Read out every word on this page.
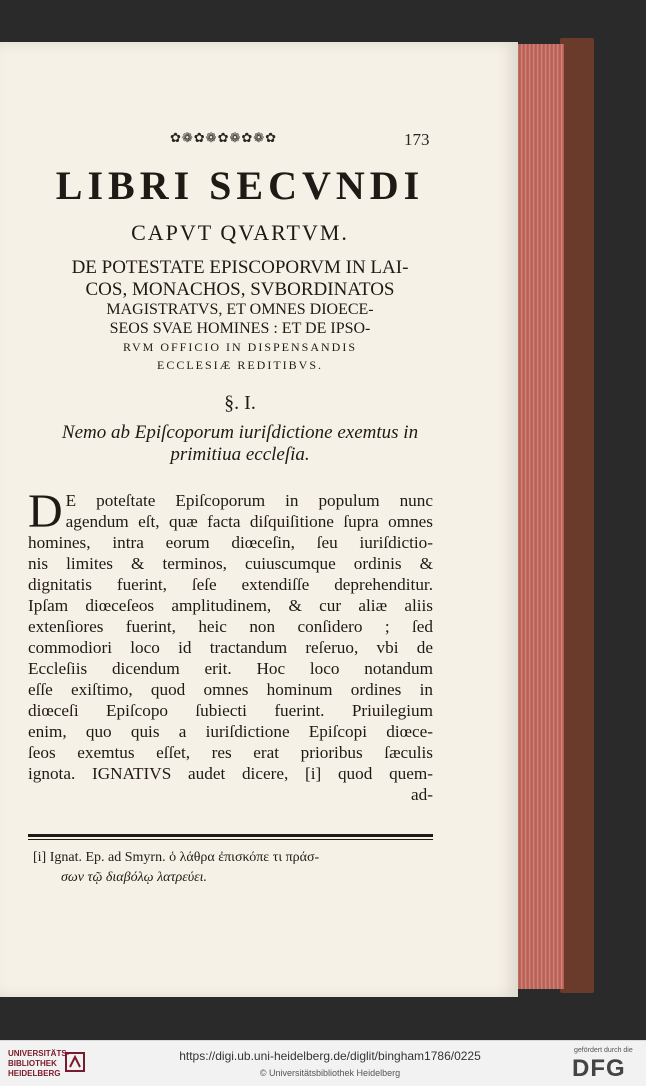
✿❁✿❁✿❁✿❁✿	173
LIBRI SECVNDI
CAPVT QVARTVM.
DE POTESTATE EPISCOPORVM IN LAI-
COS, MONACHOS, SVBORDINATOS
MAGISTRATVS, ET OMNES DIOECE-
SEOS SVAE HOMINES : ET DE IPSO-
RVM OFFICIO IN DISPENSANDIS
ECCLESIÆ REDITIBVS.
§. I.
Nemo ab Epiſcoporum iuriſdictione exemtus in
primitiua eccleſia.
D E poteſtate Epiſcoporum in populum nunc
agendum eſt, quæ facta diſquiſitione ſupra omnes
homines, intra eorum diœceſin, ſeu iuriſdictio-
nis limites & terminos, cuiuscumque ordinis &
dignitatis fuerint, ſeſe extendiſſe deprehenditur.
Ipſam diœceſeos amplitudinem, & cur aliæ aliis
extenſiores fuerint, heic non conſidero ; ſed
commodiori loco id tractandum reſeruo, vbi de
Eccleſiis dicendum erit. Hoc loco notandum
eſſe exiſtimo, quod omnes hominum ordines in
diœceſi Epiſcopo ſubiecti fuerint. Priuilegium
enim, quo quis a iuriſdictione Epiſcopi diœce-
ſeos exemtus eſſet, res erat prioribus ſæculis
ignota. IGNATIVS audet dicere, [i] quod quem-
ad-
[i] Ignat. Ep. ad Smyrn. ὁ λάθρα ἐπισκόπε τι πράσ-
σων τῷ διαβόλῳ λατρεύει.
UNIVERSITÄTS-
BIBLIOTHEK
HEIDELBERG
https://digi.ub.uni-heidelberg.de/diglit/bingham1786/0225
© Universitätsbibliothek Heidelberg
gefördert durch die
DFG
